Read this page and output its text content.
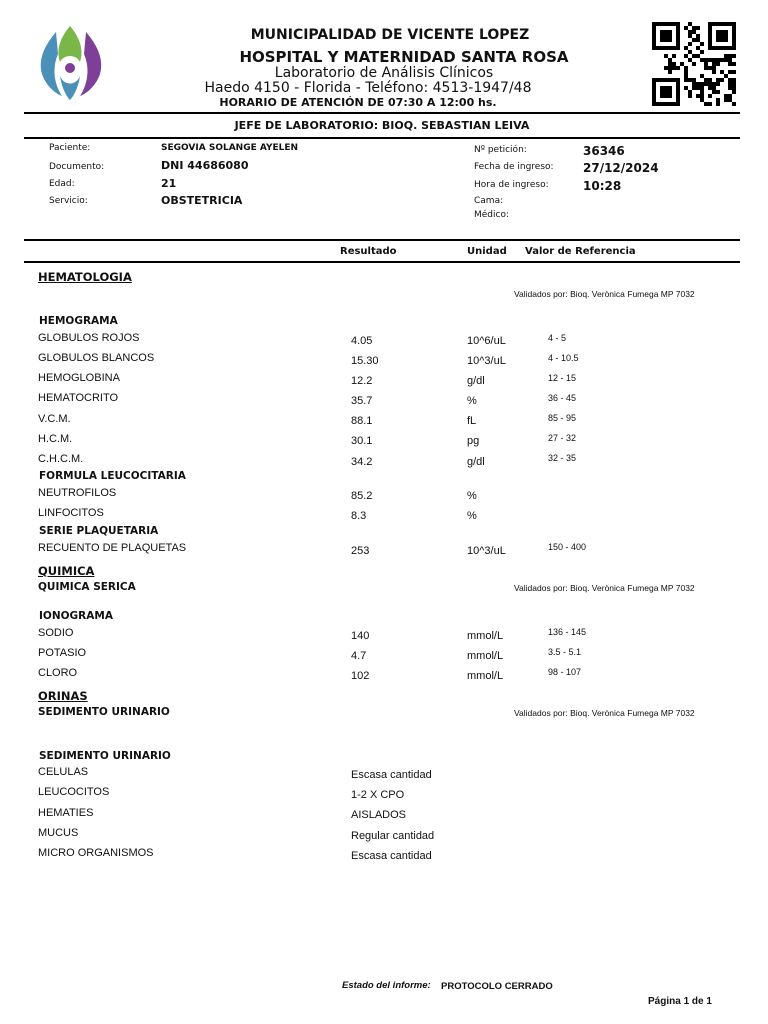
MUNICIPALIDAD DE VICENTE LOPEZ
HOSPITAL Y MATERNIDAD SANTA ROSA
Laboratorio de Análisis Clínicos
Haedo 4150 - Florida - Teléfono: 4513-1947/48
HORARIO DE ATENCIÓN DE 07:30 A 12:00 hs.
JEFE DE LABORATORIO: BIOQ. SEBASTIAN LEIVA
Paciente:	SEGOVIA SOLANGE AYELEN
Documento:	DNI 44686080
Edad:	21
Servicio:	OBSTETRICIA
Nº petición:	36346
Fecha de ingreso: 27/12/2024
Hora de ingreso:	10:28
Cama:
Médico:
Resultado	Unidad Valor de Referencia
HEMATOLOGIA
Validados por: Bioq. Verònica Fumega MP 7032
HEMOGRAMA
GLOBULOS ROJOS	4.05	10^6/uL	4 - 5
GLOBULOS BLANCOS	15.30	10^3/uL	4 - 10.5
HEMOGLOBINA	12.2	g/dl	12 - 15
HEMATOCRITO	35.7	%	36 - 45
V.C.M.	88.1	fL	85 - 95
H.C.M.	30.1	pg	27 - 32
C.H.C.M.	34.2	g/dl	32 - 35
FORMULA LEUCOCITARIA
NEUTROFILOS	85.2	%
LINFOCITOS	8.3	%
SERIE PLAQUETARIA
RECUENTO DE PLAQUETAS	253	10^3/uL	150 - 400
QUIMICA
QUIMICA SERICA	Validados por: Bioq. Verònica Fumega MP 7032
IONOGRAMA
SODIO	140	mmol/L	136 - 145
POTASIO	4.7	mmol/L	3.5 - 5.1
CLORO	102	mmol/L	98 - 107
ORINAS
SEDIMENTO URINARIO	Validados por: Bioq. Verònica Fumega MP 7032
SEDIMENTO URINARIO
CELULAS	Escasa cantidad
LEUCOCITOS	1-2 X CPO
HEMATIES	AISLADOS
MUCUS	Regular cantidad
MICRO ORGANISMOS	Escasa cantidad
Estado del informe: PROTOCOLO CERRADO
Página 1 de 1
